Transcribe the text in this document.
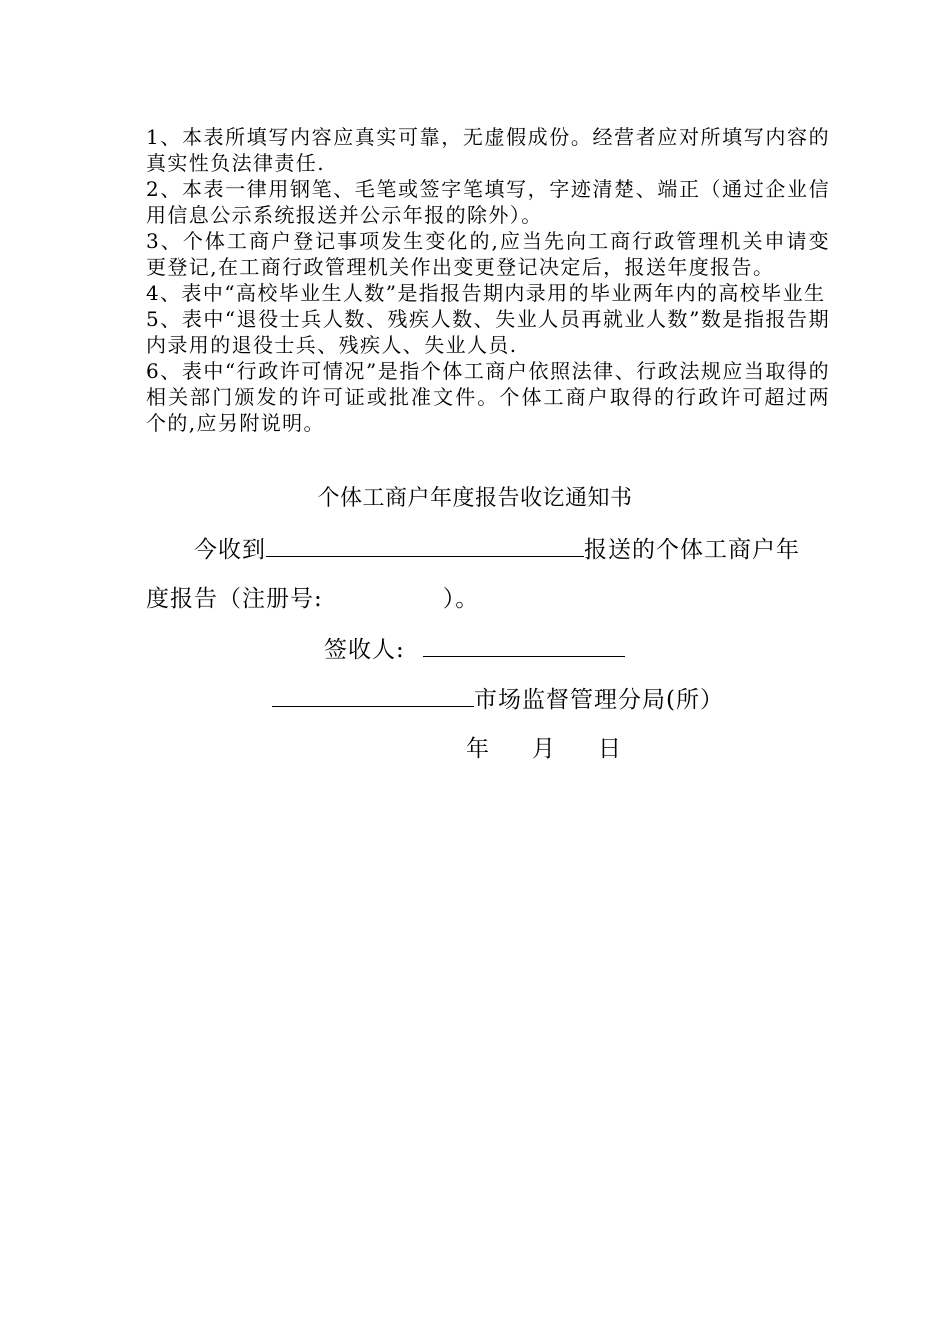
1、本表所填写内容应真实可靠，无虚假成份。经营者应对所填写内容的真实性负法律责任.

2、本表一律用钢笔、毛笔或签字笔填写，字迹清楚、端正（通过企业信用信息公示系统报送并公示年报的除外）。

3、个体工商户登记事项发生变化的,应当先向工商行政管理机关申请变更登记,在工商行政管理机关作出变更登记决定后，报送年度报告。

4、表中“高校毕业生人数”是指报告期内录用的毕业两年内的高校毕业生

5、表中“退役士兵人数、残疾人数、失业人员再就业人数”数是指报告期内录用的退役士兵、残疾人、失业人员.

6、表中“行政许可情况”是指个体工商户依照法律、行政法规应当取得的相关部门颁发的许可证或批准文件。个体工商户取得的行政许可超过两个的,应另附说明。

个体工商户年度报告收讫通知书
今收到	报送的个体工商户年
度报告（注册号:	）。
签收人:
市场监督管理分局(所）
年 月 日
